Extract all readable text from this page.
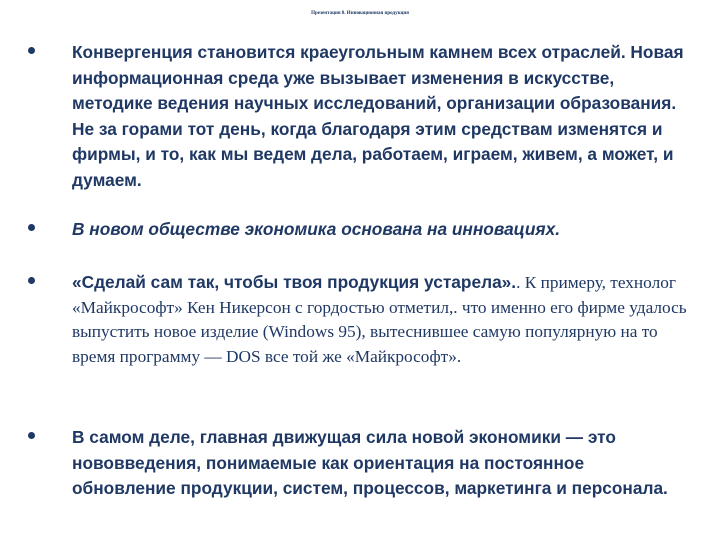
Презентация 8. Инновационная продукция
Конвергенция становится краеугольным камнем всех отраслей. Новая информационная среда уже вызывает изменения в искусстве, методике ведения научных исследований, организации образования. Не за горами тот день, когда благодаря этим средствам изменятся и фирмы, и то, как мы ведем дела, работаем, играем, живем, а может, и думаем.
В новом обществе экономика основана на инновациях.
«Сделай сам так, чтобы твоя продукция устарела».. К примеру, технолог «Майкрософт» Кен Никерсон с гордостью отметил,. что именно его фирме удалось выпустить новое изделие (Windows 95), вытеснившее самую популярную на то время программу — DOS все той же «Майкрософт».
В самом деле, главная движущая сила новой экономики — это нововведения, понимаемые как ориентация на постоянное обновление продукции, систем, процессов, маркетинга и персонала.
